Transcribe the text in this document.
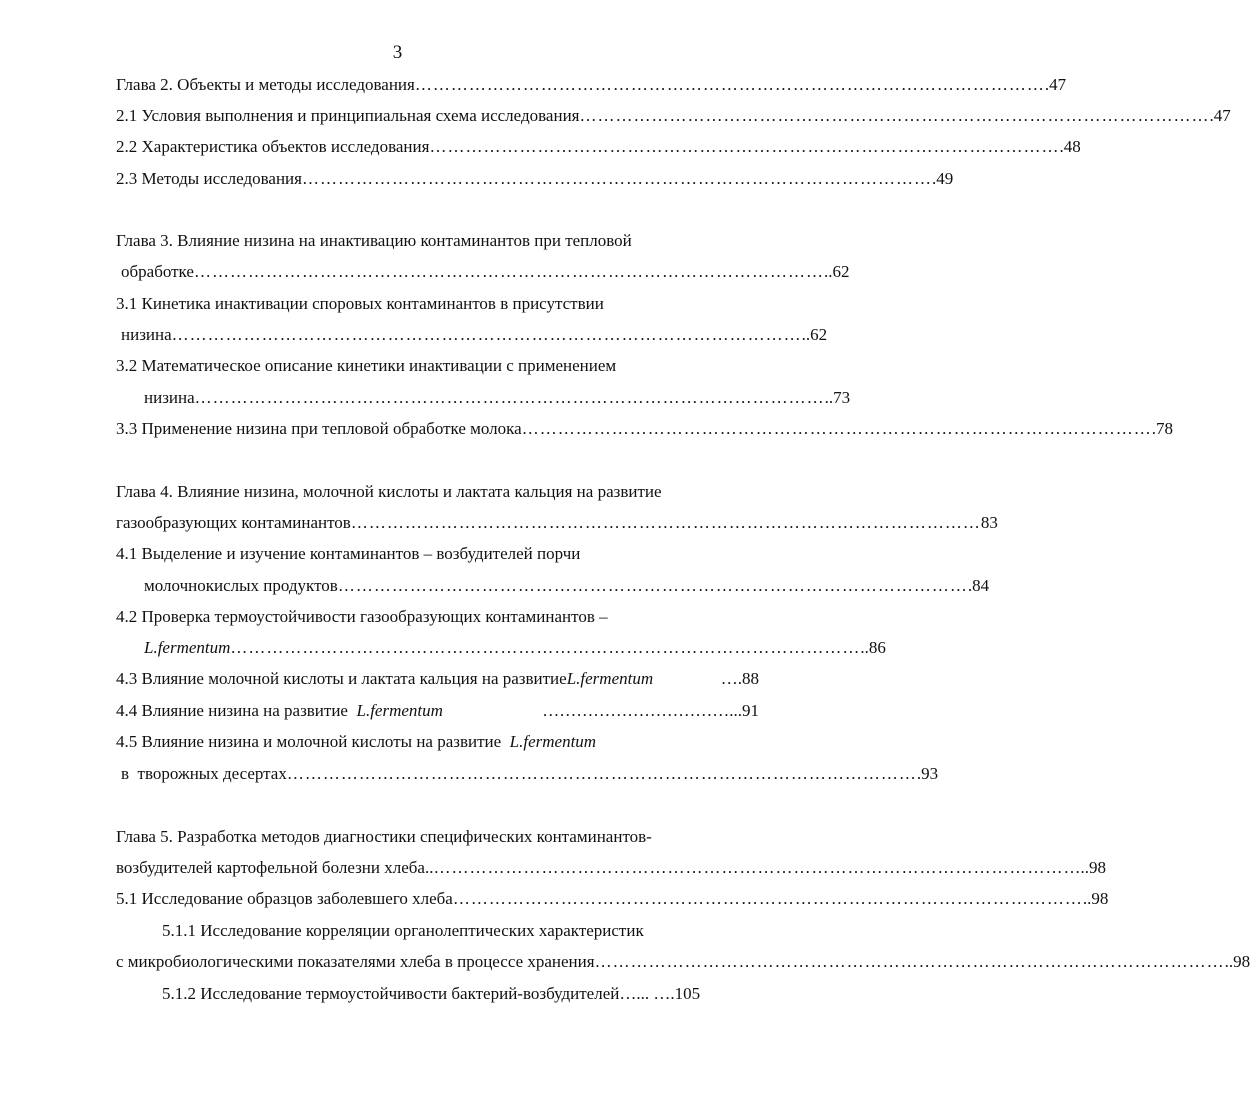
3
Глава 2. Объекты и методы исследования …………………………………………………………………………………………… .47
2.1 Условия выполнения и принципиальная схема исследования …………………………………………………………………………………………… .47
2.2 Характеристика объектов исследования …………………………………………………………………………………………… .48
2.3 Методы исследования …………………………………………………………………………………………… .49
Глава 3. Влияние низина на инактивацию контаминантов при тепловой
обработке …………………………………………………………………………………………… ..62
3.1 Кинетика инактивации споровых контаминантов в присутствии
низина …………………………………………………………………………………………… ..62
3.2 Математическое описание кинетики инактивации с применением
низина …………………………………………………………………………………………… ..73
3.3 Применение низина при тепловой обработке молока …………………………………………………………………………………………… .78
Глава 4. Влияние низина, молочной кислоты и лактата кальция на развитие
газообразующих контаминантов …………………………………………………………………………………………… 83
4.1 Выделение и изучение контаминантов – возбудителей порчи
молочнокислых продуктов …………………………………………………………………………………………… .84
4.2 Проверка термоустойчивости газообразующих контаминантов –
L.fermentum …………………………………………………………………………………………… ..86
4.3 Влияние молочной кислоты и лактата кальция на развитие L.fermentum	….88
4.4 Влияние низина на развитие L.fermentum	……………………………...91
4.5 Влияние низина и молочной кислоты на развитие  L.fermentum
в  творожных десертах …………………………………………………………………………………………… .93
Глава 5. Разработка методов диагностики специфических контаминантов-
возбудителей картофельной болезни хлеба.. …………………………………………………………………………………………… …..98
5.1 Исследование образцов заболевшего хлеба …………………………………………………………………………………………… ..98
5.1.1 Исследование корреляции органолептических характеристик
с микробиологическими показателями хлеба в процессе хранения …………………………………………………………………………………………… ..98
5.1.2 Исследование термоустойчивости бактерий-возбудителей…... ….105
